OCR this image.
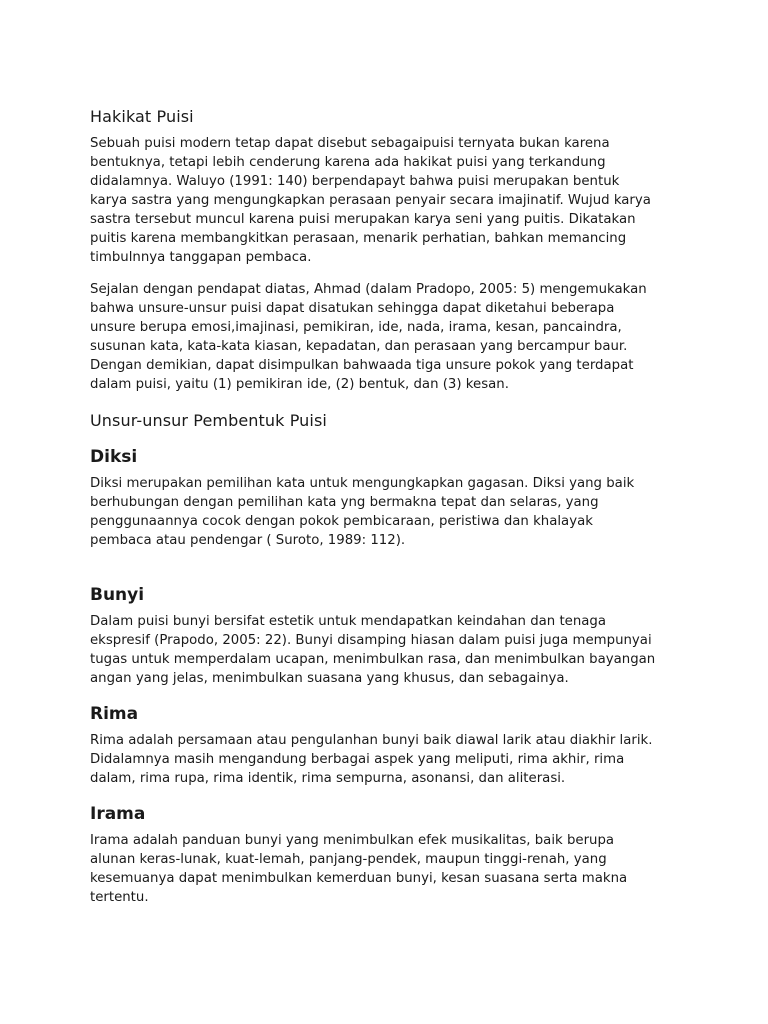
Hakikat Puisi

Sebuah puisi modern tetap dapat disebut sebagaipuisi ternyata bukan karena
bentuknya, tetapi lebih cenderung karena ada hakikat puisi yang terkandung
didalamnya. Waluyo (1991: 140) berpendapayt bahwa puisi merupakan bentuk
karya sastra yang mengungkapkan perasaan penyair secara imajinatif. Wujud karya
sastra tersebut muncul karena puisi merupakan karya seni yang puitis. Dikatakan
puitis karena membangkitkan perasaan, menarik perhatian, bahkan memancing
timbulnnya tanggapan pembaca.

Sejalan dengan pendapat diatas, Ahmad (dalam Pradopo, 2005: 5) mengemukakan
bahwa unsure-unsur puisi dapat disatukan sehingga dapat diketahui beberapa
unsure berupa emosi,imajinasi, pemikiran, ide, nada, irama, kesan, pancaindra,
susunan kata, kata-kata kiasan, kepadatan, dan perasaan yang bercampur baur.
Dengan demikian, dapat disimpulkan bahwaada tiga unsure pokok yang terdapat
dalam puisi, yaitu (1) pemikiran ide, (2) bentuk, dan (3) kesan.

Unsur-unsur Pembentuk Puisi
Diksi

Diksi merupakan pemilihan kata untuk mengungkapkan gagasan. Diksi yang baik
berhubungan dengan pemilihan kata yng bermakna tepat dan selaras, yang
penggunaannya cocok dengan pokok pembicaraan, peristiwa dan khalayak
pembaca atau pendengar ( Suroto, 1989: 112).

Bunyi

Dalam puisi bunyi bersifat estetik untuk mendapatkan keindahan dan tenaga
ekspresif (Prapodo, 2005: 22). Bunyi disamping hiasan dalam puisi juga mempunyai
tugas untuk memperdalam ucapan, menimbulkan rasa, dan menimbulkan bayangan
angan yang jelas, menimbulkan suasana yang khusus, dan sebagainya.

Rima

Rima adalah persamaan atau pengulanhan bunyi baik diawal larik atau diakhir larik.
Didalamnya masih mengandung berbagai aspek yang meliputi, rima akhir, rima
dalam, rima rupa, rima identik, rima sempurna, asonansi, dan aliterasi.

Irama

Irama adalah panduan bunyi yang menimbulkan efek musikalitas, baik berupa
alunan keras-lunak, kuat-lemah, panjang-pendek, maupun tinggi-renah, yang
kesemuanya dapat menimbulkan kemerduan bunyi, kesan suasana serta makna
tertentu.
